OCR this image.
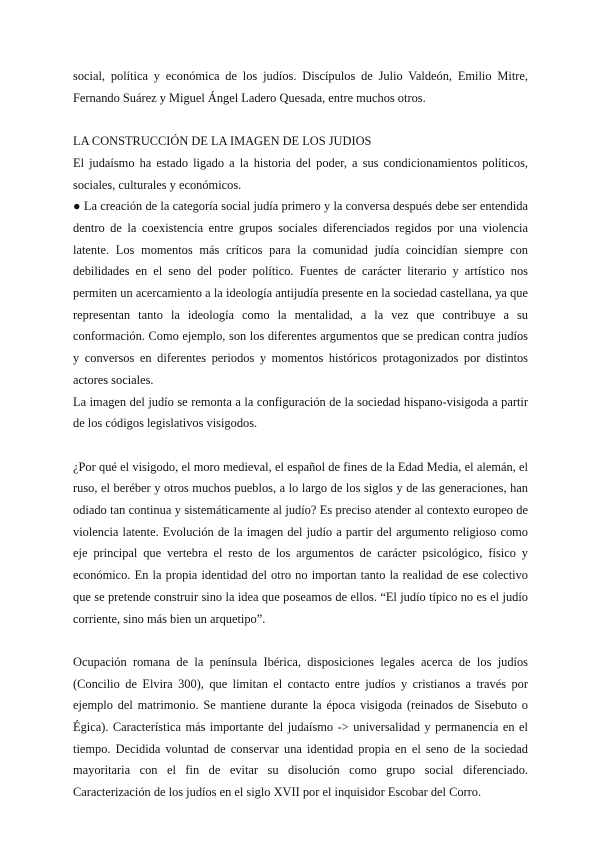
social, política y económica de los judíos. Discípulos de Julio Valdeón, Emilio Mitre, Fernando Suárez y Miguel Ángel Ladero Quesada, entre muchos otros.

LA CONSTRUCCIÓN DE LA IMAGEN DE LOS JUDIOS

El judaísmo ha estado ligado a la historia del poder, a sus condicionamientos políticos, sociales, culturales y económicos.

● La creación de la categoría social judía primero y la conversa después debe ser entendida dentro de la coexistencia entre grupos sociales diferenciados regidos por una violencia latente. Los momentos más críticos para la comunidad judía coincidían siempre con debilidades en el seno del poder político. Fuentes de carácter literario y artístico nos permiten un acercamiento a la ideología antijudía presente en la sociedad castellana, ya que representan tanto la ideología como la mentalidad, a la vez que contribuye a su conformación. Como ejemplo, son los diferentes argumentos que se predican contra judíos y conversos en diferentes periodos y momentos históricos protagonizados por distintos actores sociales.

La imagen del judío se remonta a la configuración de la sociedad hispano-visigoda a partir de los códigos legislativos visigodos.

¿Por qué el visigodo, el moro medieval, el español de fines de la Edad Media, el alemán, el ruso, el beréber y otros muchos pueblos, a lo largo de los siglos y de las generaciones, han odiado tan continua y sistemáticamente al judío? Es preciso atender al contexto europeo de violencia latente. Evolución de la imagen del judío a partir del argumento religioso como eje principal que vertebra el resto de los argumentos de carácter psicológico, físico y económico. En la propia identidad del otro no importan tanto la realidad de ese colectivo que se pretende construir sino la idea que poseamos de ellos. “El judío típico no es el judío corriente, sino más bien un arquetipo”.

Ocupación romana de la península Ibérica, disposiciones legales acerca de los judíos (Concilio de Elvira 300), que limitan el contacto entre judíos y cristianos a través por ejemplo del matrimonio. Se mantiene durante la época visigoda (reinados de Sisebuto o Égica). Característica más importante del judaísmo -> universalidad y permanencia en el tiempo. Decidida voluntad de conservar una identidad propia en el seno de la sociedad mayoritaria con el fin de evitar su disolución como grupo social diferenciado. Caracterización de los judíos en el siglo XVII por el inquisidor Escobar del Corro.
